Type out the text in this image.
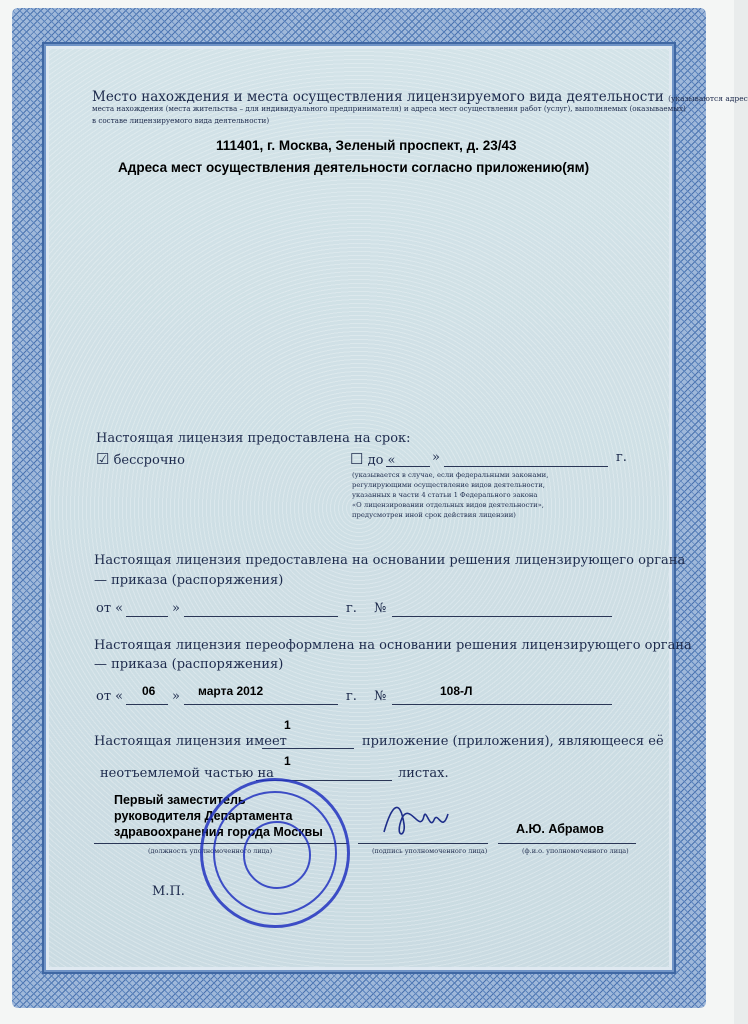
Место нахождения и места осуществления лицензируемого вида деятельности (указываются адрес
места нахождения (места жительства – для индивидуального предпринимателя) и адреса мест осуществления работ (услуг), выполняемых (оказываемых)
в составе лицензируемого вида деятельности)
111401, г. Москва, Зеленый проспект, д. 23/43
Адреса мест осуществления деятельности согласно приложению(ям)
Настоящая лицензия предоставлена на срок:
☑ бессрочно	☐ до «	»	г.
(указывается в случае, если федеральными законами,
регулирующими осуществление видов деятельности,
указанных в части 4 статьи 1 Федерального закона
«О лицензировании отдельных видов деятельности»,
предусмотрен иной срок действия лицензии)
Настоящая лицензия предоставлена на основании решения лицензирующего органа
— приказа (распоряжения)
от «	»	г. №
Настоящая лицензия переоформлена на основании решения лицензирующего органа
— приказа (распоряжения)
от « 06 » марта 2012	г. №	108-Л
1
Настоящая лицензия имеет	приложение (приложения), являющееся её
1
неотъемлемой частью на	листах.
Первый заместитель
руководителя Департамента
здравоохранения города Москвы	А.Ю. Абрамов
(должность уполномоченного лица)	(подпись уполномоченного лица)	(ф.и.о. уполномоченного лица)
М.П.
